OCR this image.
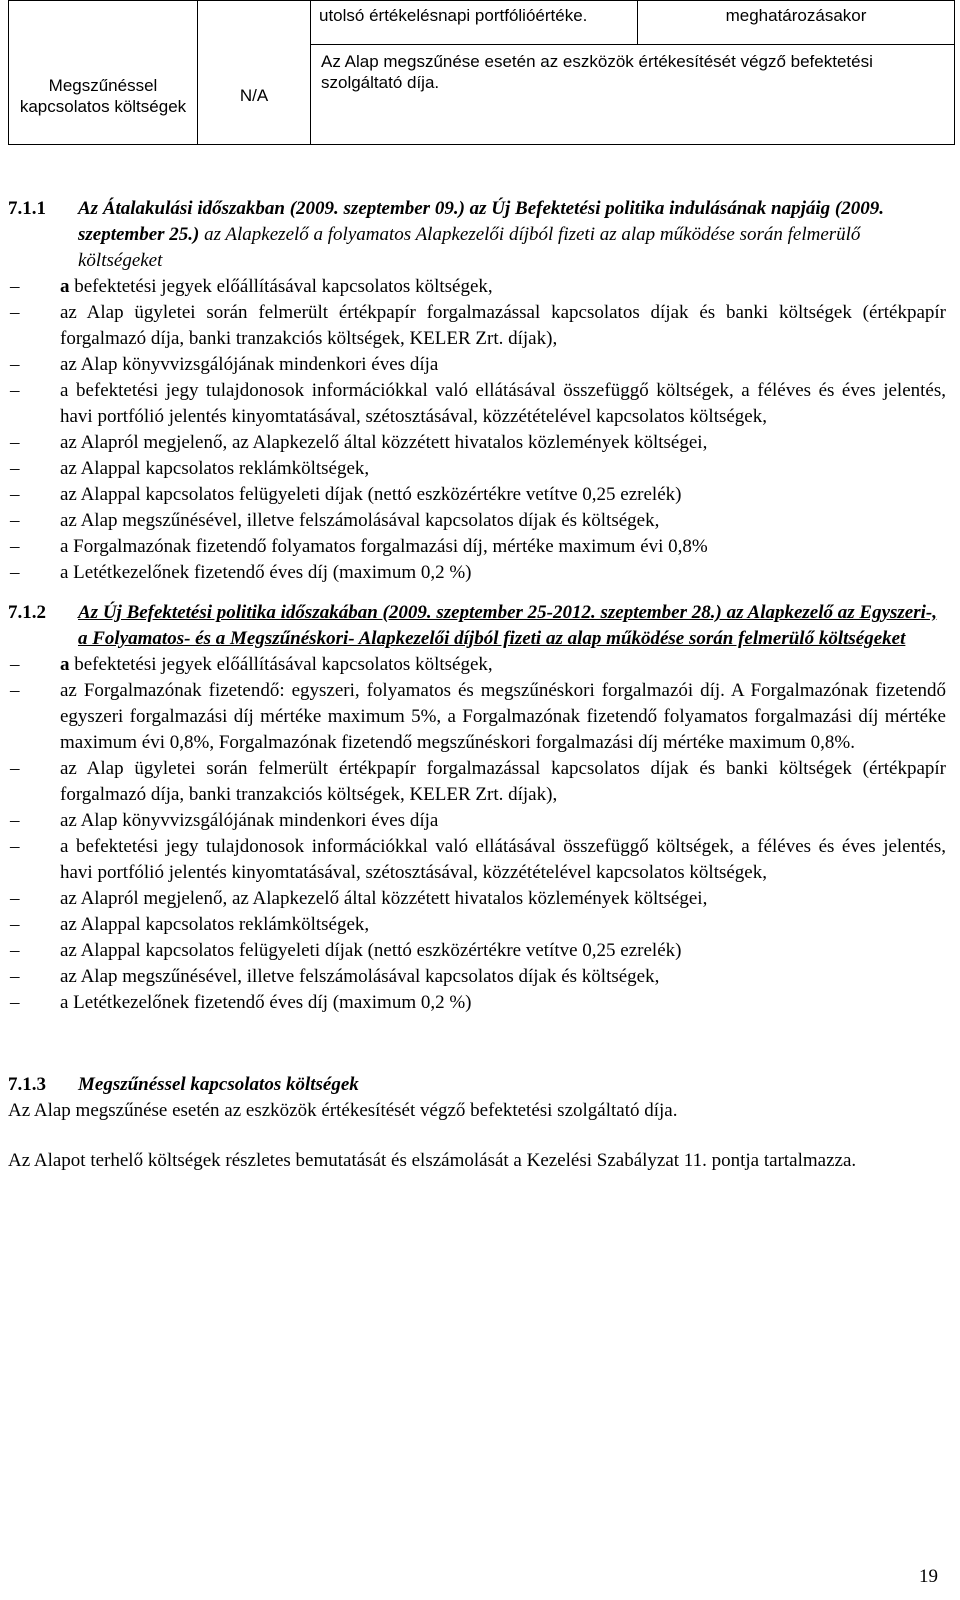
Megszűnéssel kapcsolatos költségek	N/A	utolsó értékelésnapi portfólióértéke.	meghatározásakor
Az Alap megszűnése esetén az eszközök értékesítését végző befektetési szolgáltató díja.
7.1.1	Az Átalakulási időszakban (2009. szeptember 09.) az Új Befektetési politika indulásának napjáig (2009. szeptember 25.) az Alapkezelő a folyamatos Alapkezelői díjból fizeti az alap működése során felmerülő költségeket
–	a befektetési jegyek előállításával kapcsolatos költségek,
–	az Alap ügyletei során felmerült értékpapír forgalmazással kapcsolatos díjak és banki költségek (értékpapír forgalmazó díja, banki tranzakciós költségek, KELER Zrt. díjak),
–	az Alap könyvvizsgálójának mindenkori éves díja
–	a befektetési jegy tulajdonosok információkkal való ellátásával összefüggő költségek, a féléves és éves jelentés, havi portfólió jelentés kinyomtatásával, szétosztásával, közzétételével kapcsolatos költségek,
–	az Alapról megjelenő, az Alapkezelő által közzétett hivatalos közlemények költségei,
–	az Alappal kapcsolatos reklámköltségek,
–	az Alappal kapcsolatos felügyeleti díjak (nettó eszközértékre vetítve 0,25 ezrelék)
–	az Alap megszűnésével, illetve felszámolásával kapcsolatos díjak és költségek,
–	a Forgalmazónak fizetendő folyamatos forgalmazási díj, mértéke maximum évi 0,8%
–	a Letétkezelőnek fizetendő éves díj (maximum 0,2 %)
7.1.2	Az Új Befektetési politika időszakában (2009. szeptember 25-2012. szeptember 28.) az Alapkezelő az Egyszeri-, a Folyamatos- és a Megszűnéskori- Alapkezelői díjból fizeti az alap működése során felmerülő költségeket
–	a befektetési jegyek előállításával kapcsolatos költségek,
–	az Forgalmazónak fizetendő: egyszeri, folyamatos és megszűnéskori forgalmazói díj. A Forgalmazónak fizetendő egyszeri forgalmazási díj mértéke maximum 5%, a Forgalmazónak fizetendő folyamatos forgalmazási díj mértéke maximum évi 0,8%, Forgalmazónak fizetendő megszűnéskori forgalmazási díj mértéke maximum 0,8%.
–	az Alap ügyletei során felmerült értékpapír forgalmazással kapcsolatos díjak és banki költségek (értékpapír forgalmazó díja, banki tranzakciós költségek, KELER Zrt. díjak),
–	az Alap könyvvizsgálójának mindenkori éves díja
–	a befektetési jegy tulajdonosok információkkal való ellátásával összefüggő költségek, a féléves és éves jelentés, havi portfólió jelentés kinyomtatásával, szétosztásával, közzétételével kapcsolatos költségek,
–	az Alapról megjelenő, az Alapkezelő által közzétett hivatalos közlemények költségei,
–	az Alappal kapcsolatos reklámköltségek,
–	az Alappal kapcsolatos felügyeleti díjak (nettó eszközértékre vetítve 0,25 ezrelék)
–	az Alap megszűnésével, illetve felszámolásával kapcsolatos díjak és költségek,
–	a Letétkezelőnek fizetendő éves díj (maximum 0,2 %)
7.1.3	Megszűnéssel kapcsolatos költségek

Az Alap megszűnése esetén az eszközök értékesítését végző befektetési szolgáltató díja.

Az Alapot terhelő költségek részletes bemutatását és elszámolását a Kezelési Szabályzat 11. pontja tartalmazza.

19
